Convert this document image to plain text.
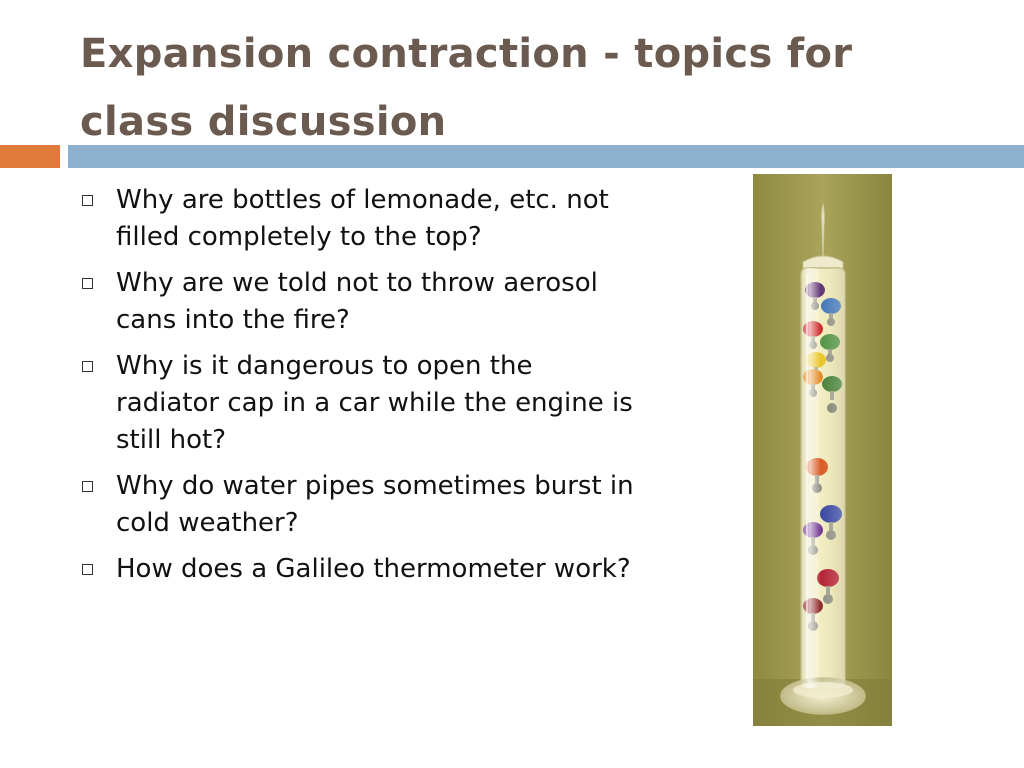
Expansion contraction - topics for class discussion
Why are bottles of lemonade, etc. not filled completely to the top?
Why are we told not to throw aerosol cans into the fire?
Why is it dangerous to open the radiator cap in a car while the engine is still hot?
Why do water pipes sometimes burst in cold weather?
How does a Galileo thermometer work?
